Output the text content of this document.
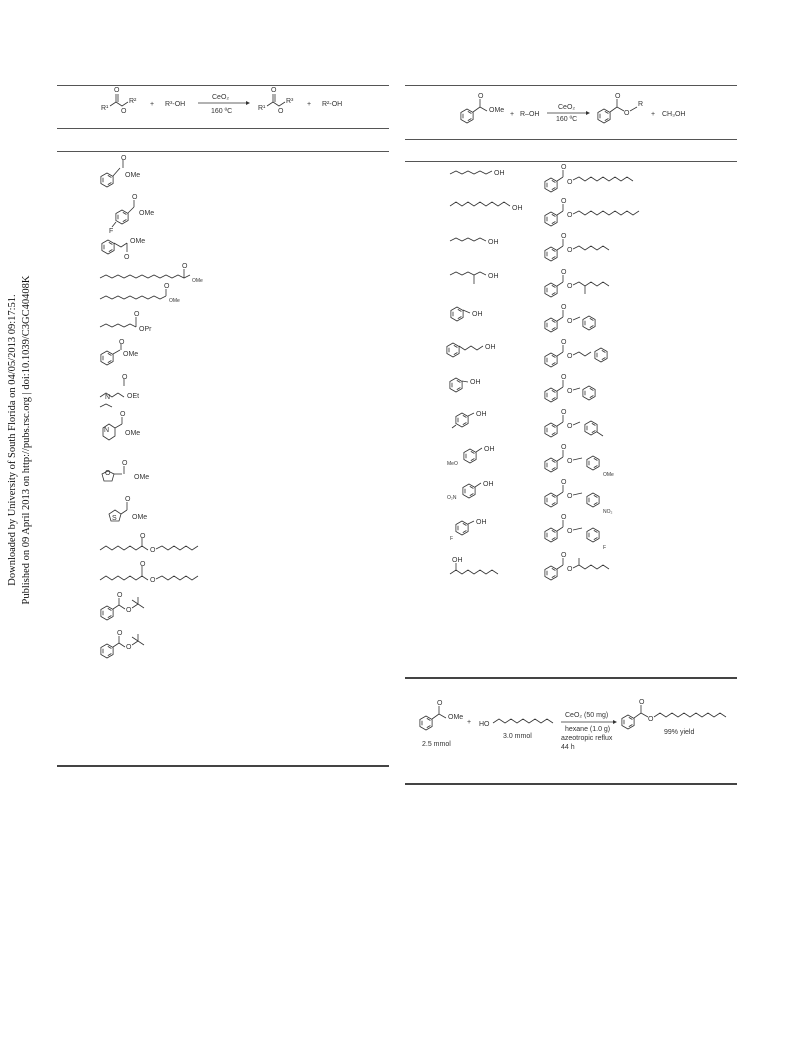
Downloaded by University of South Florida on 04/05/2013 09:17:51. Published on 09 April 2013 on http://pubs.rsc.org | doi:10.1039/C3GC40408K
R¹
O
O
R² + R³-OH
CeO₂
160 ºC	R¹
O
O
R³ + R²-OH
O
OMe
F
O
OMe
O
OMe
O
OMe
O
OMe
O
OPr
O
OMe
N
O
OEt
N
O
OMe
O
O
OMe
S
O
OMe
O
O
O
O
O
O
O
O
O
OMe
+ R–OH
CeO₂
160 ºC
O
O
R
+ CH₃OH
OH
OH
OH
OH
OH
OH
OH
OH
MeO
OH
O₂N
OH
F
OH
OH
O
O
O
O
O
O
O
O
O
O
O
O
O
O
O
O
O
O
OMe
O
O
NO₂
O
O
F
O
O
O
OMe
2.5 mmol
+ HO
3.0 mmol
CeO₂ (50 mg)
hexane (1.0 g)
azeotropic reflux
44 h
O
O
99% yield
